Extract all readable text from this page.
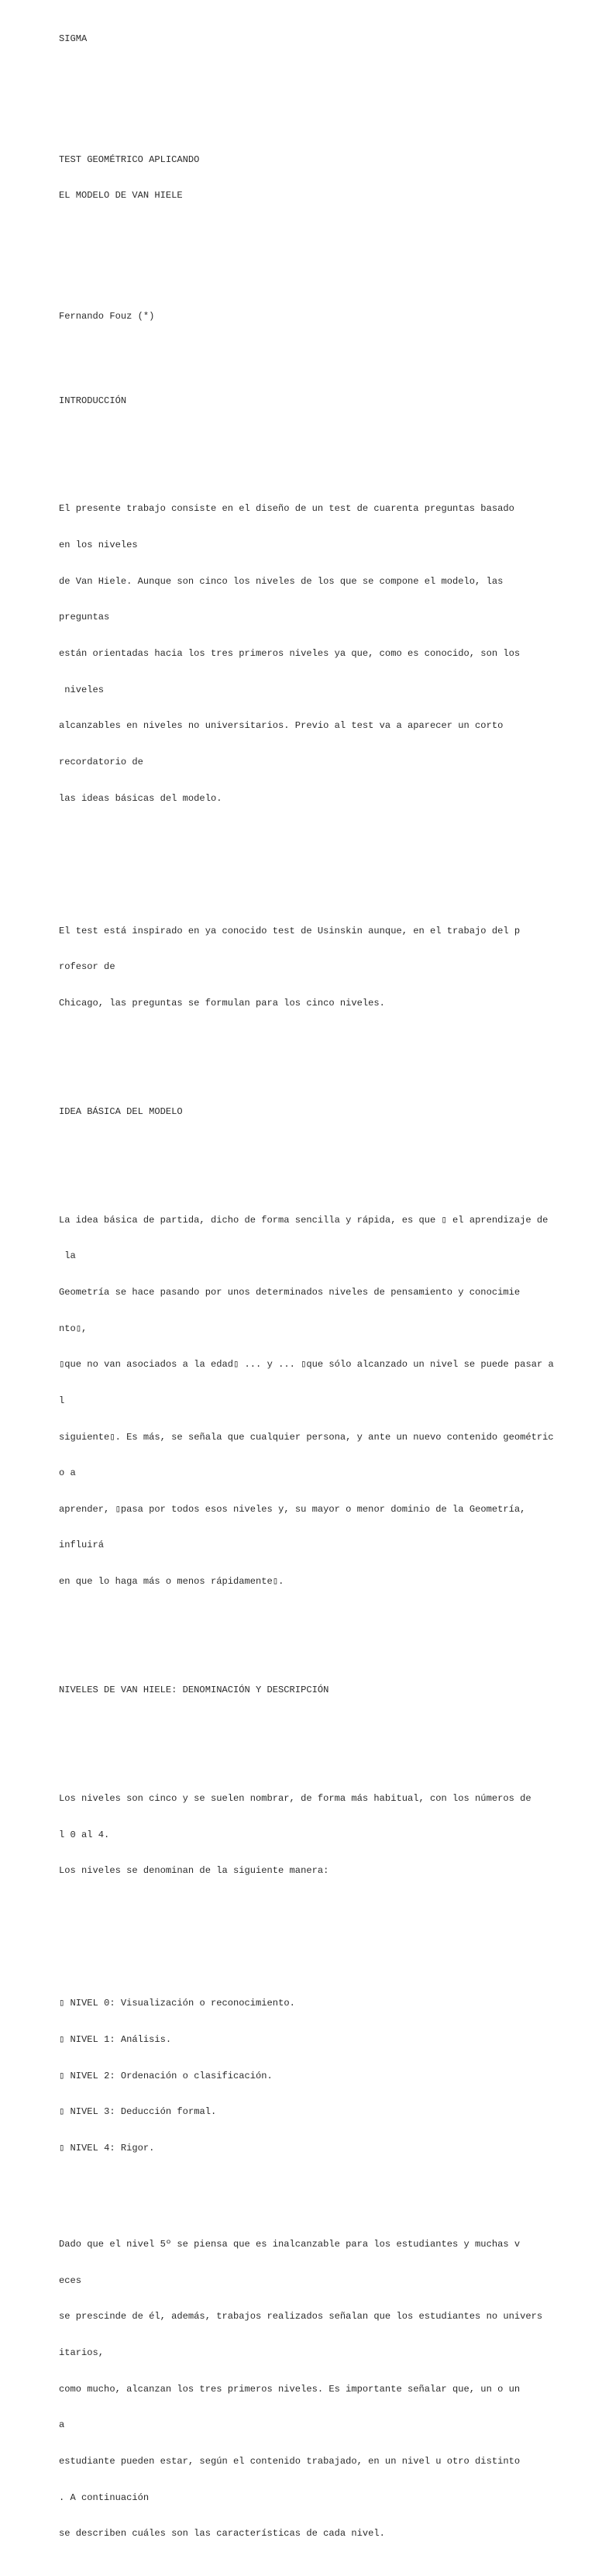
SIGMA

TEST GEOMÉTRICO APLICANDO

EL MODELO DE VAN HIELE

Fernando Fouz (*)

INTRODUCCIÓN

El presente trabajo consiste en el diseño de un test de cuarenta preguntas basado

en los niveles

de Van Hiele. Aunque son cinco los niveles de los que se compone el modelo, las

preguntas

están orientadas hacia los tres primeros niveles ya que, como es conocido, son los

niveles

alcanzables en niveles no universitarios. Previo al test va a aparecer un corto

recordatorio de

las ideas básicas del modelo.

El test está inspirado en ya conocido test de Usinskin aunque, en el trabajo del p

rofesor de

Chicago, las preguntas se formulan para los cinco niveles.

IDEA BÁSICA DEL MODELO

La idea básica de partida, dicho de forma sencilla y rápida, es que ▯ el aprendizaje de

la

Geometría se hace pasando por unos determinados niveles de pensamiento y conocimie

nto▯,

▯que no van asociados a la edad▯ ... y ... ▯que sólo alcanzado un nivel se puede pasar a

l

siguiente▯. Es más, se señala que cualquier persona, y ante un nuevo contenido geométric

o a

aprender, ▯pasa por todos esos niveles y, su mayor o menor dominio de la Geometría,

influirá

en que lo haga más o menos rápidamente▯.

NIVELES DE VAN HIELE: DENOMINACIÓN Y DESCRIPCIÓN

Los niveles son cinco y se suelen nombrar, de forma más habitual, con los números de

l 0 al 4.

Los niveles se denominan de la siguiente manera:

▯ NIVEL 0: Visualización o reconocimiento.

▯ NIVEL 1: Análisis.

▯ NIVEL 2: Ordenación o clasificación.

▯ NIVEL 3: Deducción formal.

▯ NIVEL 4: Rigor.

Dado que el nivel 5º se piensa que es inalcanzable para los estudiantes y muchas v

eces

se prescinde de él, además, trabajos realizados señalan que los estudiantes no univers

itarios,

como mucho, alcanzan los tres primeros niveles. Es importante señalar que, un o un

a

estudiante pueden estar, según el contenido trabajado, en un nivel u otro distinto

. A continuación

se describen cuáles son las características de cada nivel.
